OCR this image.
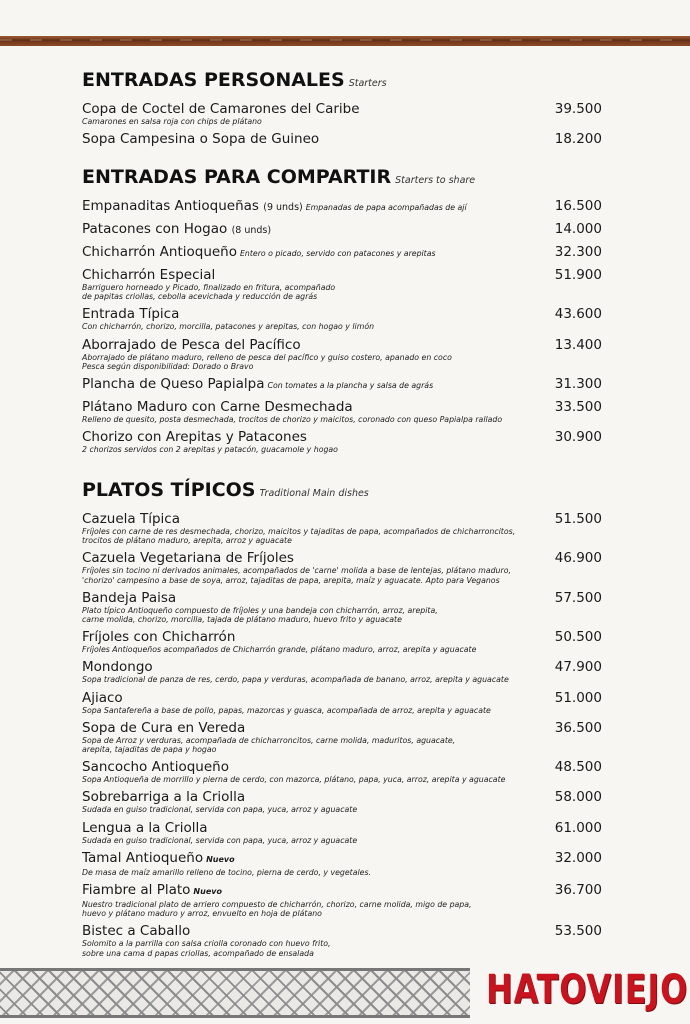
ENTRADAS PERSONALES Starters
Copa de Coctel de Camarones del Caribe	39.500
Camarones en salsa roja con chips de plátano
Sopa Campesina o Sopa de Guineo	18.200
ENTRADAS PARA COMPARTIR Starters to share
Empanaditas Antioqueñas (9 unds) Empanadas de papa acompañadas de ají	16.500
Patacones con Hogao (8 unds)	14.000
Chicharrón Antioqueño Entero o picado, servido con patacones y arepitas	32.300
Chicharrón Especial	51.900
Barriguero horneado y Picado, finalizado en fritura, acompañado
de papitas criollas, cebolla acevichada y reducción de agrás
Entrada Típica	43.600
Con chicharrón, chorizo, morcilla, patacones y arepitas, con hogao y limón
Aborrajado de Pesca del Pacífico	13.400
Aborrajado de plátano maduro, relleno de pesca del pacífico y guiso costero, apanado en coco
Pesca según disponibilidad: Dorado o Bravo
Plancha de Queso Papialpa Con tomates a la plancha y salsa de agrás	31.300
Plátano Maduro con Carne Desmechada	33.500
Relleno de quesito, posta desmechada, trocitos de chorizo y maicitos, coronado con queso Papialpa rallado
Chorizo con Arepitas y Patacones	30.900
2 chorizos servidos con 2 arepitas y patacón, guacamole y hogao
PLATOS TÍPICOS Traditional Main dishes
Cazuela Típica	51.500
Fríjoles con carne de res desmechada, chorizo, maicitos y tajaditas de papa, acompañados de chicharroncitos,
trocitos de plátano maduro, arepita, arroz y aguacate
Cazuela Vegetariana de Fríjoles	46.900
Fríjoles sin tocino ni derivados animales, acompañados de 'carne' molida a base de lentejas, plátano maduro,
'chorizo' campesino a base de soya, arroz, tajaditas de papa, arepita, maíz y aguacate. Apto para Veganos
Bandeja Paisa	57.500
Plato típico Antioqueño compuesto de fríjoles y una bandeja con chicharrón, arroz, arepita,
carne molida, chorizo, morcilla, tajada de plátano maduro, huevo frito y aguacate
Fríjoles con Chicharrón	50.500
Fríjoles Antioqueños acompañados de Chicharrón grande, plátano maduro, arroz, arepita y aguacate
Mondongo	47.900
Sopa tradicional de panza de res, cerdo, papa y verduras, acompañada de banano, arroz, arepita y aguacate
Ajiaco	51.000
Sopa Santafereña a base de pollo, papas, mazorcas y guasca, acompañada de arroz, arepita y aguacate
Sopa de Cura en Vereda	36.500
Sopa de Arroz y verduras, acompañada de chicharroncitos, carne molida, maduritos, aguacate,
arepita, tajaditas de papa y hogao
Sancocho Antioqueño	48.500
Sopa Antioqueña de morrillo y pierna de cerdo, con mazorca, plátano, papa, yuca, arroz, arepita y aguacate
Sobrebarriga a la Criolla	58.000
Sudada en guiso tradicional, servida con papa, yuca, arroz y aguacate
Lengua a la Criolla	61.000
Sudada en guiso tradicional, servida con papa, yuca, arroz y aguacate
Tamal Antioqueño Nuevo	32.000
De masa de maíz amarillo relleno de tocino, pierna de cerdo, y vegetales.
Fiambre al Plato Nuevo	36.700
Nuestro tradicional plato de arriero compuesto de chicharrón, chorizo, carne molida, migo de papa,
huevo y plátano maduro y arroz, envuelto en hoja de plátano
Bistec a Caballo	53.500
Solomito a la parrilla con salsa criolla coronado con huevo frito,
sobre una cama d papas criollas, acompañado de ensalada
HATOVIEJO
